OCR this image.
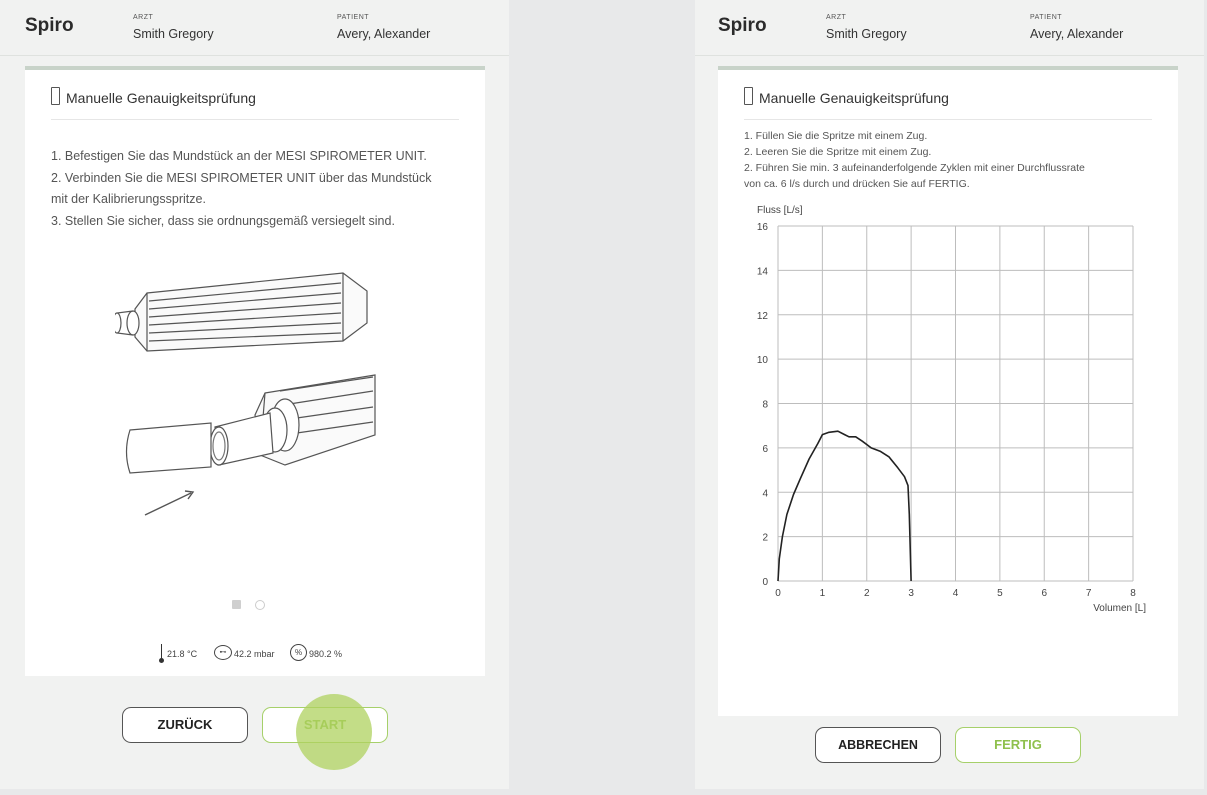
Spiro	ARZT
Smith Gregory
PATIENT
Avery, Alexander
Manuelle Genauigkeitsprüfung
1. Befestigen Sie das Mundstück an der MESI SPIROMETER UNIT.
2. Verbinden Sie die MESI SPIROMETER UNIT über das Mundstück
mit der Kalibrierungsspritze.
3. Stellen Sie sicher, dass sie ordnungsgemäß versiegelt sind.
21.8 °C	⊷ 42.2 mbar	% 980.2 %
ZURÜCK
Spiro	ARZT
Smith Gregory
PATIENT
Avery, Alexander
Manuelle Genauigkeitsprüfung
1. Füllen Sie die Spritze mit einem Zug.
2. Leeren Sie die Spritze mit einem Zug.
2. Führen Sie min. 3 aufeinanderfolgende Zyklen mit einer Durchflussrate
von ca. 6 l/s durch und drücken Sie auf FERTIG.
0
2
4
6
8
10
12
14
16
0	1	2	3	4	5	6	7	8
Fluss [L/s]
Volumen [L]
ABBRECHEN	FERTIG
